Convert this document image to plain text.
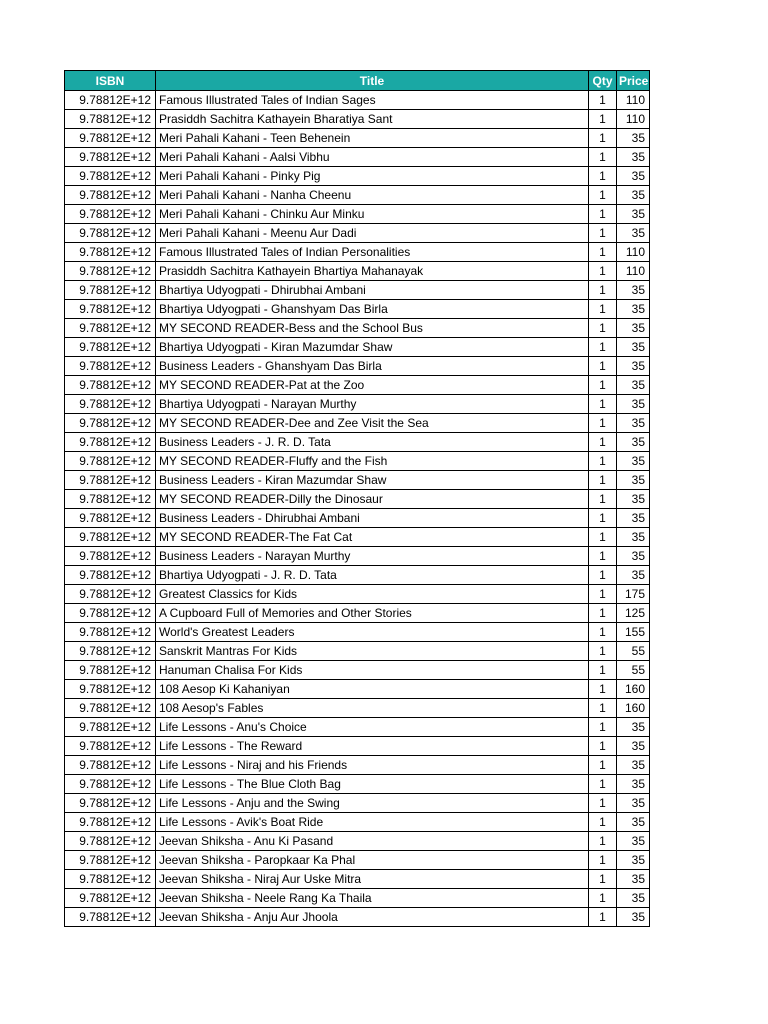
ISBN	Title	Qty	Price
9.78812E+12	Famous Illustrated Tales of Indian Sages	1	110
9.78812E+12	Prasiddh Sachitra Kathayein Bharatiya Sant	1	110
9.78812E+12	Meri Pahali Kahani - Teen Behenein	1	35
9.78812E+12	Meri Pahali Kahani - Aalsi Vibhu	1	35
9.78812E+12	Meri Pahali Kahani - Pinky Pig	1	35
9.78812E+12	Meri Pahali Kahani - Nanha Cheenu	1	35
9.78812E+12	Meri Pahali Kahani - Chinku Aur Minku	1	35
9.78812E+12	Meri Pahali Kahani - Meenu Aur Dadi	1	35
9.78812E+12	Famous Illustrated Tales of Indian Personalities	1	110
9.78812E+12	Prasiddh Sachitra Kathayein Bhartiya Mahanayak	1	110
9.78812E+12	Bhartiya Udyogpati - Dhirubhai Ambani	1	35
9.78812E+12	Bhartiya Udyogpati - Ghanshyam Das Birla	1	35
9.78812E+12	MY SECOND READER-Bess and the School Bus	1	35
9.78812E+12	Bhartiya Udyogpati - Kiran Mazumdar Shaw	1	35
9.78812E+12	Business Leaders - Ghanshyam Das Birla	1	35
9.78812E+12	MY SECOND READER-Pat at the Zoo	1	35
9.78812E+12	Bhartiya Udyogpati - Narayan Murthy	1	35
9.78812E+12	MY SECOND READER-Dee and Zee Visit the Sea	1	35
9.78812E+12	Business Leaders - J. R. D. Tata	1	35
9.78812E+12	MY SECOND READER-Fluffy and the Fish	1	35
9.78812E+12	Business Leaders - Kiran Mazumdar Shaw	1	35
9.78812E+12	MY SECOND READER-Dilly the Dinosaur	1	35
9.78812E+12	Business Leaders - Dhirubhai Ambani	1	35
9.78812E+12	MY SECOND READER-The Fat Cat	1	35
9.78812E+12	Business Leaders - Narayan Murthy	1	35
9.78812E+12	Bhartiya Udyogpati - J. R. D. Tata	1	35
9.78812E+12	Greatest Classics for Kids	1	175
9.78812E+12	A Cupboard Full of Memories and Other Stories	1	125
9.78812E+12	World's Greatest Leaders	1	155
9.78812E+12	Sanskrit Mantras For Kids	1	55
9.78812E+12	Hanuman Chalisa For Kids	1	55
9.78812E+12	108 Aesop Ki Kahaniyan	1	160
9.78812E+12	108 Aesop's Fables	1	160
9.78812E+12	Life Lessons - Anu's Choice	1	35
9.78812E+12	Life Lessons - The Reward	1	35
9.78812E+12	Life Lessons - Niraj and his Friends	1	35
9.78812E+12	Life Lessons - The Blue Cloth Bag	1	35
9.78812E+12	Life Lessons - Anju and the Swing	1	35
9.78812E+12	Life Lessons - Avik's Boat Ride	1	35
9.78812E+12	Jeevan Shiksha - Anu Ki Pasand	1	35
9.78812E+12	Jeevan Shiksha - Paropkaar Ka Phal	1	35
9.78812E+12	Jeevan Shiksha - Niraj Aur Uske Mitra	1	35
9.78812E+12	Jeevan Shiksha - Neele Rang Ka Thaila	1	35
9.78812E+12	Jeevan Shiksha - Anju Aur Jhoola	1	35
